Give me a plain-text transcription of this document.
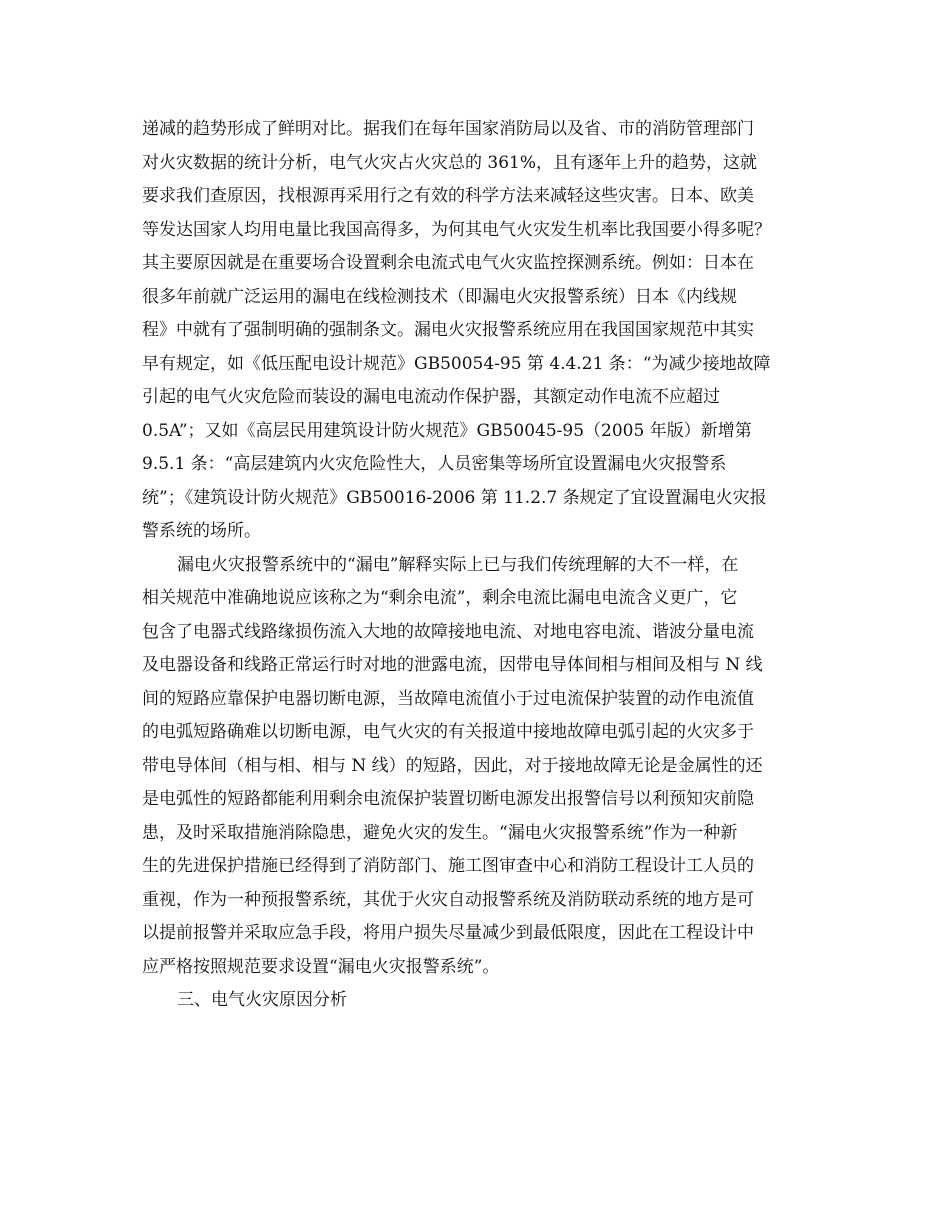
递减的趋势形成了鲜明对比。据我们在每年国家消防局以及省、市的消防管理部门
对火灾数据的统计分析，电气火灾占火灾总的 361%，且有逐年上升的趋势，这就
要求我们查原因，找根源再采用行之有效的科学方法来减轻这些灾害。日本、欧美
等发达国家人均用电量比我国高得多，为何其电气火灾发生机率比我国要小得多呢？
其主要原因就是在重要场合设置剩余电流式电气火灾监控探测系统。例如：日本在
很多年前就广泛运用的漏电在线检测技术（即漏电火灾报警系统）日本《内线规
程》中就有了强制明确的强制条文。漏电火灾报警系统应用在我国国家规范中其实
早有规定，如《低压配电设计规范》GB50054-95 第 4.4.21 条：“为减少接地故障
引起的电气火灾危险而装设的漏电电流动作保护器，其额定动作电流不应超过
0.5A”；又如《高层民用建筑设计防火规范》GB50045-95（2005 年版）新增第
9.5.1 条：“高层建筑内火灾危险性大，人员密集等场所宜设置漏电火灾报警系
统”；《建筑设计防火规范》GB50016-2006 第 11.2.7 条规定了宜设置漏电火灾报
警系统的场所。
漏电火灾报警系统中的“漏电”解释实际上已与我们传统理解的大不一样，在
相关规范中准确地说应该称之为“剩余电流”，剩余电流比漏电电流含义更广，它
包含了电器式线路缘损伤流入大地的故障接地电流、对地电容电流、谐波分量电流
及电器设备和线路正常运行时对地的泄露电流，因带电导体间相与相间及相与 N 线
间的短路应靠保护电器切断电源，当故障电流值小于过电流保护装置的动作电流值
的电弧短路确难以切断电源，电气火灾的有关报道中接地故障电弧引起的火灾多于
带电导体间（相与相、相与 N 线）的短路，因此，对于接地故障无论是金属性的还
是电弧性的短路都能利用剩余电流保护装置切断电源发出报警信号以利预知灾前隐
患，及时采取措施消除隐患，避免火灾的发生。“漏电火灾报警系统”作为一种新
生的先进保护措施已经得到了消防部门、施工图审查中心和消防工程设计工人员的
重视，作为一种预报警系统，其优于火灾自动报警系统及消防联动系统的地方是可
以提前报警并采取应急手段，将用户损失尽量减少到最低限度，因此在工程设计中
应严格按照规范要求设置“漏电火灾报警系统”。
三、电气火灾原因分析
